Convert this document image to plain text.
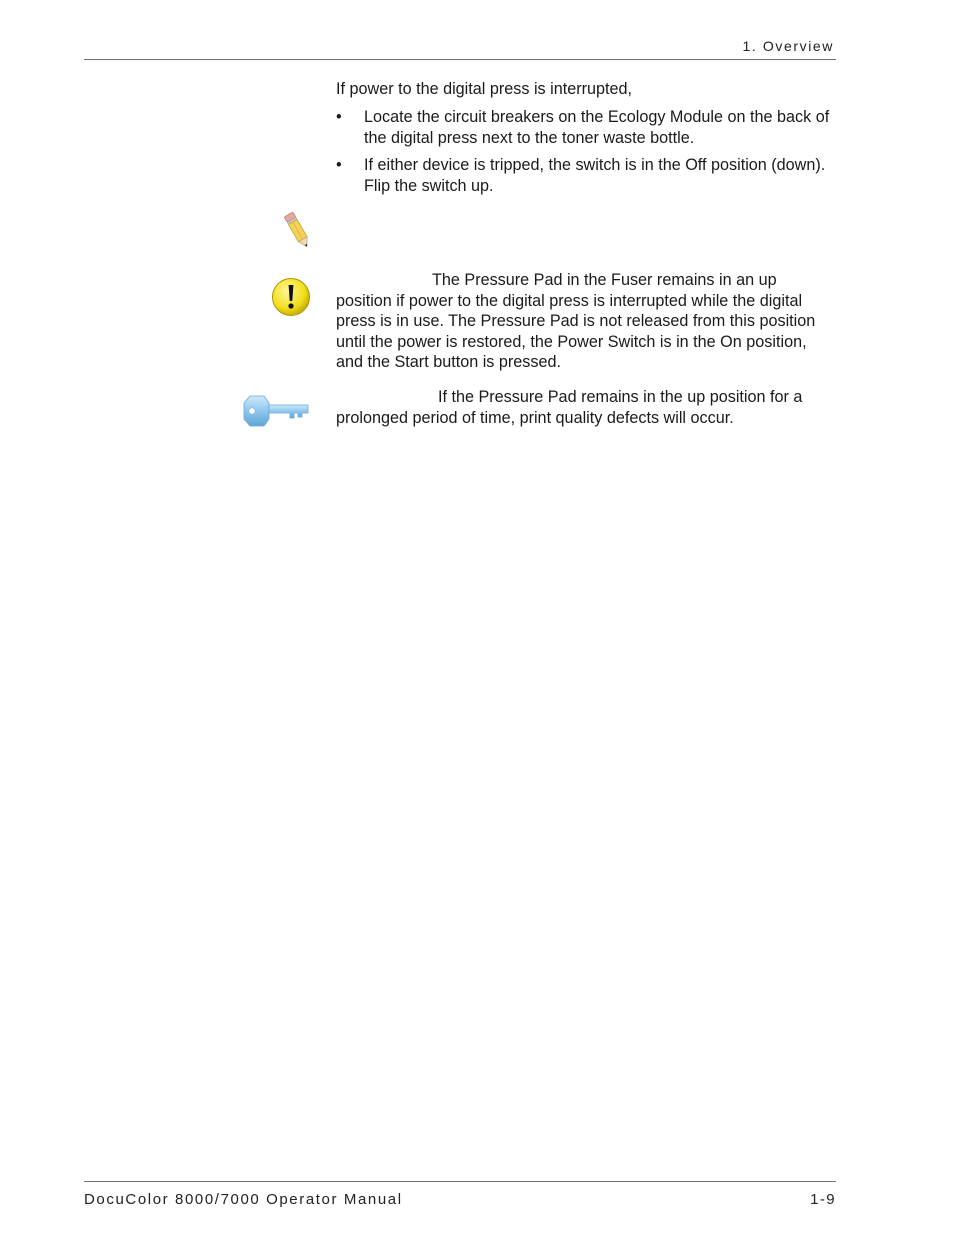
1. Overview
If power to the digital press is interrupted,
• Locate the circuit breakers on the Ecology Module on the back of the digital press next to the toner waste bottle.
• If either device is tripped, the switch is in the Off position (down). Flip the switch up.
The Pressure Pad in the Fuser remains in an up position if power to the digital press is interrupted while the digital press is in use. The Pressure Pad is not released from this position until the power is restored, the Power Switch is in the On position, and the Start button is pressed.
If the Pressure Pad remains in the up position for a prolonged period of time, print quality defects will occur.
DocuColor 8000/7000 Operator Manual	1-9
